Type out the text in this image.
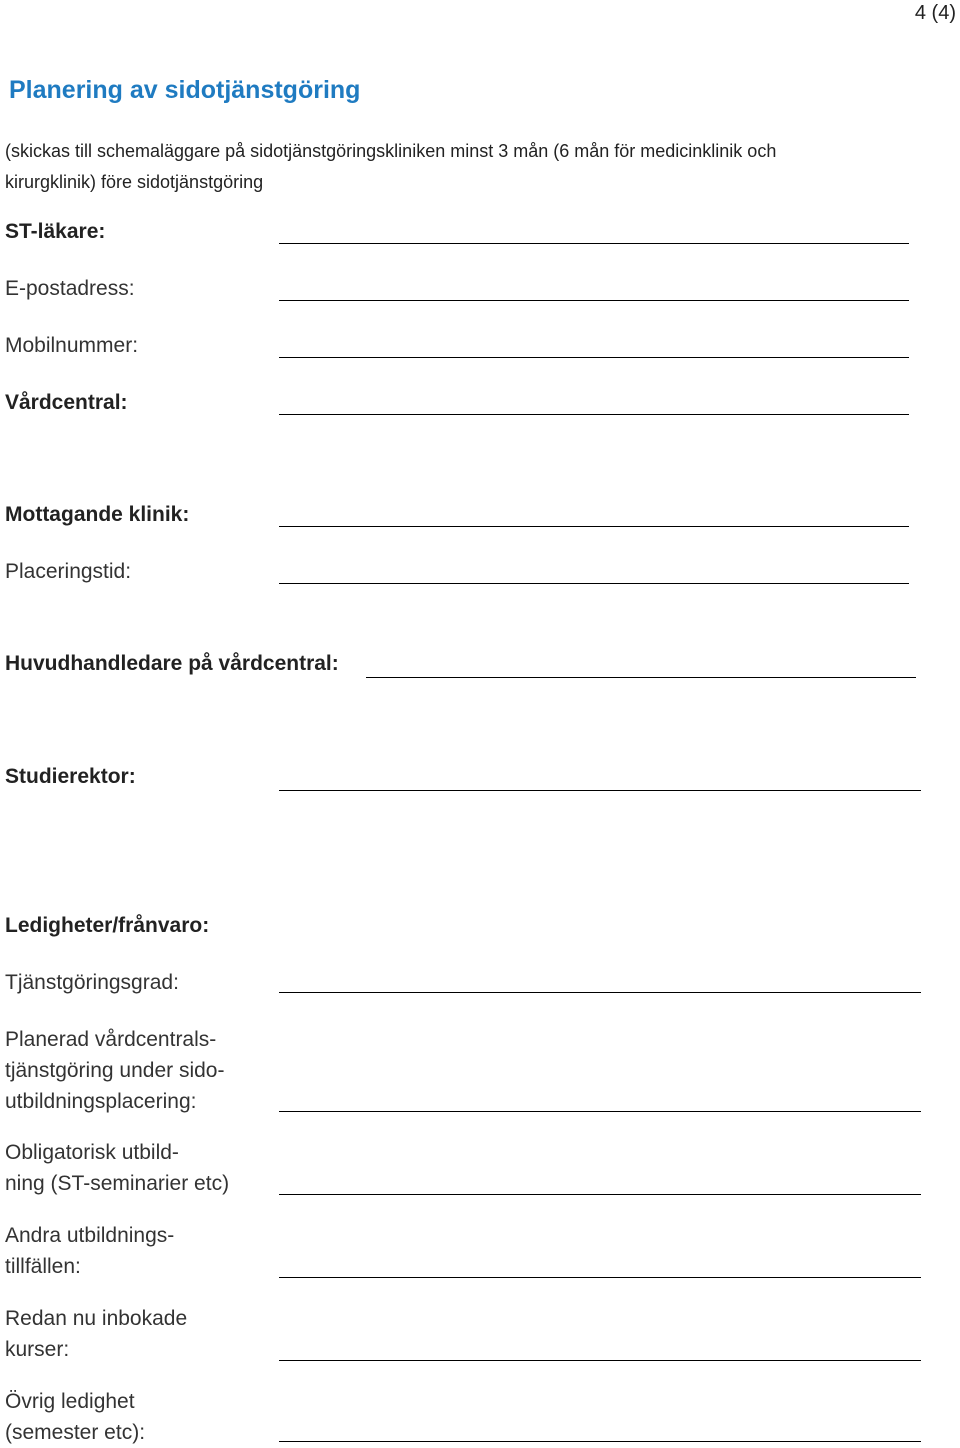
4 (4)
Planering av sidotjänstgöring
(skickas till schemaläggare på sidotjänstgöringskliniken minst 3 mån (6 mån för medicinklinik och
kirurgklinik) före sidotjänstgöring
ST-läkare:
E-postadress:
Mobilnummer:
Vårdcentral:
Mottagande klinik:
Placeringstid:
Huvudhandledare på vårdcentral:
Studierektor:
Ledigheter/frånvaro:
Tjänstgöringsgrad:
Planerad vårdcentrals-
tjänstgöring under sido-
utbildningsplacering:
Obligatorisk utbild-
ning (ST-seminarier etc)
Andra utbildnings-
tillfällen:
Redan nu inbokade
kurser:
Övrig ledighet
(semester etc):
